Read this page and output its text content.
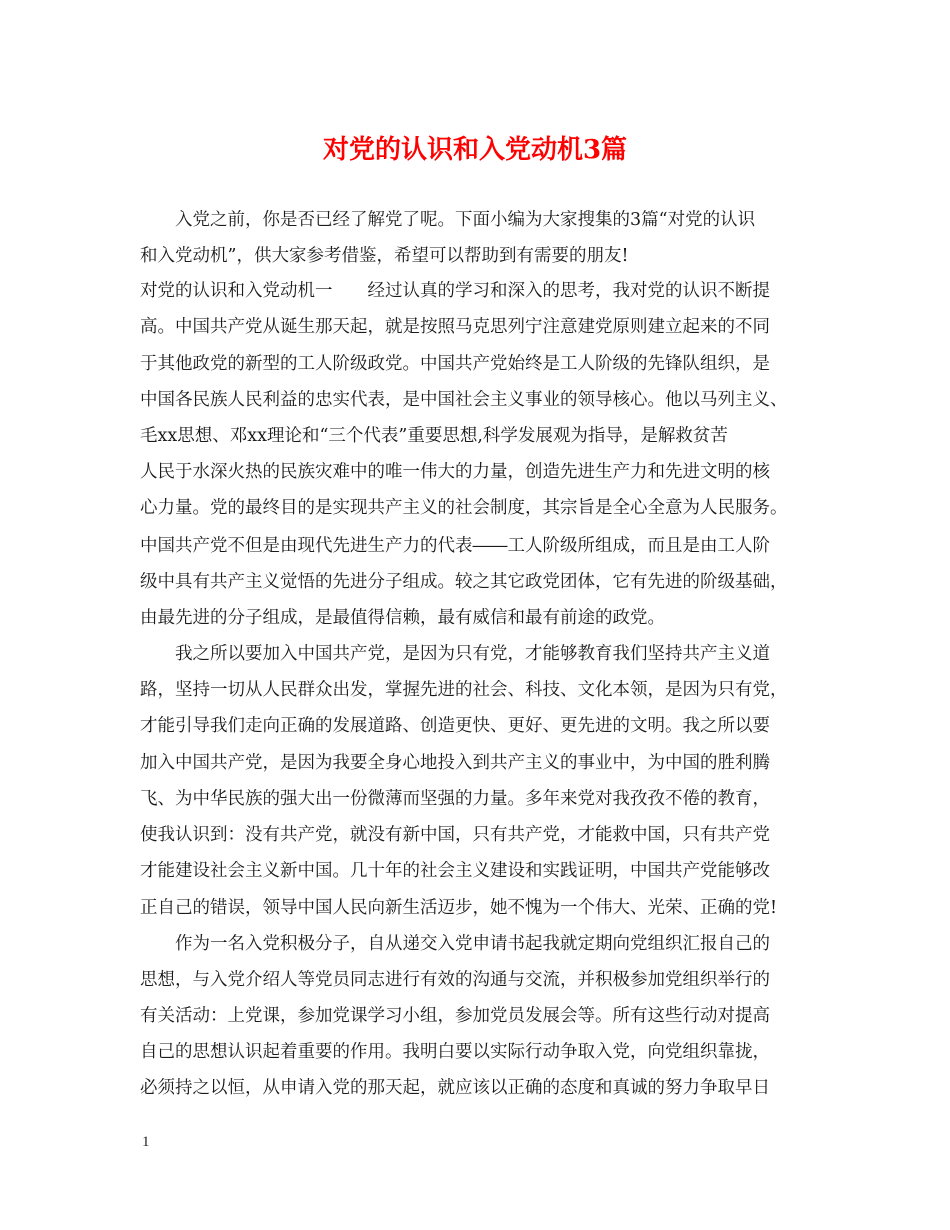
对党的认识和入党动机3篇
入党之前，你是否已经了解党了呢。下面小编为大家搜集的3篇“对党的认识
和入党动机”，供大家参考借鉴，希望可以帮助到有需要的朋友!
对党的认识和入党动机一　　经过认真的学习和深入的思考，我对党的认识不断提
高。中国共产党从诞生那天起，就是按照马克思列宁注意建党原则建立起来的不同
于其他政党的新型的工人阶级政党。中国共产党始终是工人阶级的先锋队组织，是
中国各民族人民利益的忠实代表，是中国社会主义事业的领导核心。他以马列主义、
毛xx思想、邓xx理论和“三个代表”重要思想,科学发展观为指导，是解救贫苦
人民于水深火热的民族灾难中的唯一伟大的力量，创造先进生产力和先进文明的核
心力量。党的最终目的是实现共产主义的社会制度，其宗旨是全心全意为人民服务。
中国共产党不但是由现代先进生产力的代表――工人阶级所组成，而且是由工人阶
级中具有共产主义觉悟的先进分子组成。较之其它政党团体，它有先进的阶级基础，
由最先进的分子组成，是最值得信赖，最有威信和最有前途的政党。
我之所以要加入中国共产党，是因为只有党，才能够教育我们坚持共产主义道
路，坚持一切从人民群众出发，掌握先进的社会、科技、文化本领，是因为只有党，
才能引导我们走向正确的发展道路、创造更快、更好、更先进的文明。我之所以要
加入中国共产党，是因为我要全身心地投入到共产主义的事业中，为中国的胜利腾
飞、为中华民族的强大出一份微薄而坚强的力量。多年来党对我孜孜不倦的教育，
使我认识到：没有共产党，就没有新中国，只有共产党，才能救中国，只有共产党
才能建设社会主义新中国。几十年的社会主义建设和实践证明，中国共产党能够改
正自己的错误，领导中国人民向新生活迈步，她不愧为一个伟大、光荣、正确的党!
作为一名入党积极分子，自从递交入党申请书起我就定期向党组织汇报自己的
思想，与入党介绍人等党员同志进行有效的沟通与交流，并积极参加党组织举行的
有关活动：上党课，参加党课学习小组，参加党员发展会等。所有这些行动对提高
自己的思想认识起着重要的作用。我明白要以实际行动争取入党，向党组织靠拢，
必须持之以恒，从申请入党的那天起，就应该以正确的态度和真诚的努力争取早日
1
